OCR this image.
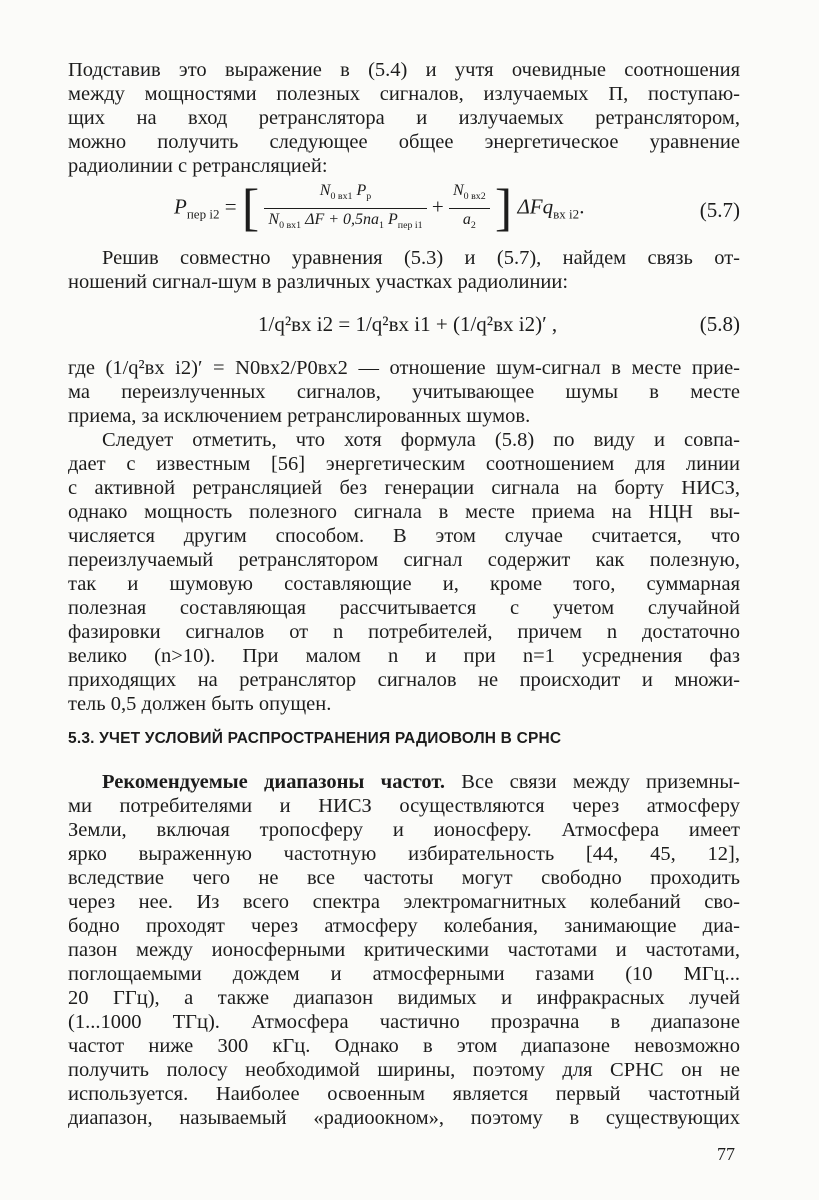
Подставив это выражение в (5.4) и учтя очевидные соотношения
между мощностями полезных сигналов, излучаемых П, поступаю-
щих на вход ретранслятора и излучаемых ретранслятором,
можно получить следующее общее энергетическое уравнение
радиолинии с ретрансляцией:
$P_{пер i2}$ = [ $\frac{N_{0 вх1} P_р}{N_{0 вх1} \Delta F + 0,5na_1 P_{пер i1}} + \frac{N_{0 вх2}}{a_2}$ ] ΔFq$_{вх i2}$.	(5.7)
Решив совместно уравнения (5.3) и (5.7), найдем связь от-
ношений сигнал-шум в различных участках радиолинии:
1/q²вх i2 = 1/q²вх i1 + (1/q²вх i2)′ ,	(5.8)
где (1/q²вх i2)′ = N0вх2/P0вх2 — отношение шум-сигнал в месте прие-
ма переизлученных сигналов, учитывающее шумы в месте
приема, за исключением ретранслированных шумов.
Следует отметить, что хотя формула (5.8) по виду и совпа-
дает с известным [56] энергетическим соотношением для линии
с активной ретрансляцией без генерации сигнала на борту НИСЗ,
однако мощность полезного сигнала в месте приема на НЦН вы-
числяется другим способом. В этом случае считается, что
переизлучаемый ретранслятором сигнал содержит как полезную,
так и шумовую составляющие и, кроме того, суммарная
полезная составляющая рассчитывается с учетом случайной
фазировки сигналов от n потребителей, причем n достаточно
велико (n>10). При малом n и при n=1 усреднения фаз
приходящих на ретранслятор сигналов не происходит и множи-
тель 0,5 должен быть опущен.
5.3. УЧЕТ УСЛОВИЙ РАСПРОСТРАНЕНИЯ РАДИОВОЛН В СРНС
Рекомендуемые диапазоны частот. Все связи между приземны-
ми потребителями и НИСЗ осуществляются через атмосферу
Земли, включая тропосферу и ионосферу. Атмосфера имеет
ярко выраженную частотную избирательность [44, 45, 12],
вследствие чего не все частоты могут свободно проходить
через нее. Из всего спектра электромагнитных колебаний сво-
бодно проходят через атмосферу колебания, занимающие диа-
пазон между ионосферными критическими частотами и частотами,
поглощаемыми дождем и атмосферными газами (10 МГц...
20 ГГц), а также диапазон видимых и инфракрасных лучей
(1...1000 ТГц). Атмосфера частично прозрачна в диапазоне
частот ниже 300 кГц. Однако в этом диапазоне невозможно
получить полосу необходимой ширины, поэтому для СРНС он не
используется. Наиболее освоенным является первый частотный
диапазон, называемый «радиоокном», поэтому в существующих
77
